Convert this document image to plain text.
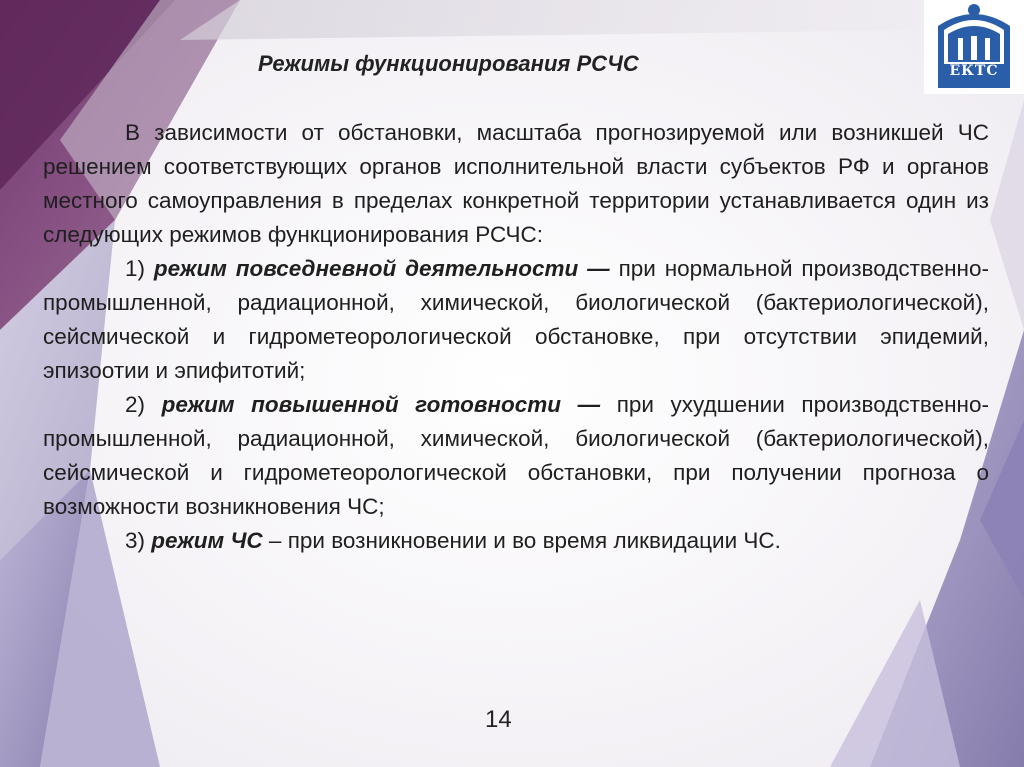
ЕКТС
Режимы функционирования РСЧС

В зависимости от обстановки, масштаба прогнозируемой или возникшей ЧС решением соответствующих органов исполнительной власти субъектов РФ и органов местного самоуправления в пределах конкретной территории устанавливается один из следующих режимов функционирования РСЧС:

1) режим повседневной деятельности — при нормальной производственно-промышленной, радиационной, химической, биологической (бактериологической), сейсмической и гидрометеорологической обстановке, при отсутствии эпидемий, эпизоотии и эпифитотий;

2) режим повышенной готовности — при ухудшении производственно-промышленной, радиационной, химической, биологической (бактериологической), сейсмической и гидрометеорологической обстановки, при получении прогноза о возможности возникновения ЧС;

3) режим ЧС – при возникновении и во время ликвидации ЧС.

14
